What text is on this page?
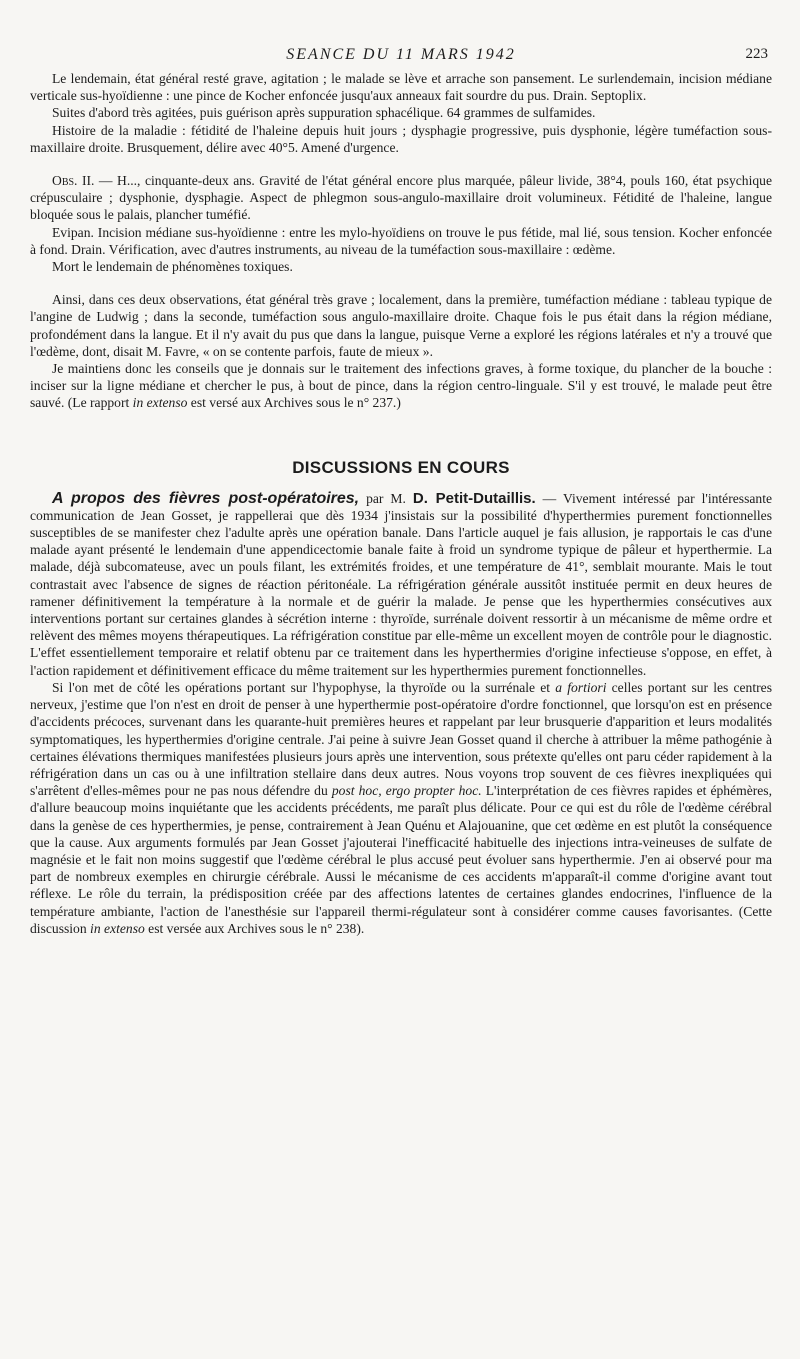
SEANCE DU 11 MARS 1942	223

Le lendemain, état général resté grave, agitation ; le malade se lève et arrache son pansement. Le surlendemain, incision médiane verticale sus-hyoïdienne : une pince de Kocher enfoncée jusqu'aux anneaux fait sourdre du pus. Drain. Septoplix.

Suites d'abord très agitées, puis guérison après suppuration sphacélique. 64 grammes de sulfamides.

Histoire de la maladie : fétidité de l'haleine depuis huit jours ; dysphagie progressive, puis dysphonie, légère tuméfaction sous-maxillaire droite. Brusquement, délire avec 40°5. Amené d'urgence.

Obs. II. — H..., cinquante-deux ans. Gravité de l'état général encore plus marquée, pâleur livide, 38°4, pouls 160, état psychique crépusculaire ; dysphonie, dysphagie. Aspect de phlegmon sous-angulo-maxillaire droit volumineux. Fétidité de l'haleine, langue bloquée sous le palais, plancher tuméfié.

Evipan. Incision médiane sus-hyoïdienne : entre les mylo-hyoïdiens on trouve le pus fétide, mal lié, sous tension. Kocher enfoncée à fond. Drain. Vérification, avec d'autres instruments, au niveau de la tuméfaction sous-maxillaire : œdème.

Mort le lendemain de phénomènes toxiques.

Ainsi, dans ces deux observations, état général très grave ; localement, dans la première, tuméfaction médiane : tableau typique de l'angine de Ludwig ; dans la seconde, tuméfaction sous angulo-maxillaire droite. Chaque fois le pus était dans la région médiane, profondément dans la langue. Et il n'y avait du pus que dans la langue, puisque Verne a exploré les régions latérales et n'y a trouvé que l'œdème, dont, disait M. Favre, « on se contente parfois, faute de mieux ».

Je maintiens donc les conseils que je donnais sur le traitement des infections graves, à forme toxique, du plancher de la bouche : inciser sur la ligne médiane et chercher le pus, à bout de pince, dans la région centro-linguale. S'il y est trouvé, le malade peut être sauvé. (Le rapport in extenso est versé aux Archives sous le n° 237.)

DISCUSSIONS EN COURS

A propos des fièvres post-opératoires, par M. D. Petit-Dutaillis. — Vivement intéressé par l'intéressante communication de Jean Gosset, je rappellerai que dès 1934 j'insistais sur la possibilité d'hyperthermies purement fonctionnelles susceptibles de se manifester chez l'adulte après une opération banale. Dans l'article auquel je fais allusion, je rapportais le cas d'une malade ayant présenté le lendemain d'une appendicectomie banale faite à froid un syndrome typique de pâleur et hyperthermie. La malade, déjà subcomateuse, avec un pouls filant, les extrémités froides, et une température de 41°, semblait mourante. Mais le tout contrastait avec l'absence de signes de réaction péritonéale. La réfrigération générale aussitôt instituée permit en deux heures de ramener définitivement la température à la normale et de guérir la malade. Je pense que les hyperthermies consécutives aux interventions portant sur certaines glandes à sécrétion interne : thyroïde, surrénale doivent ressortir à un mécanisme de même ordre et relèvent des mêmes moyens thérapeutiques. La réfrigération constitue par elle-même un excellent moyen de contrôle pour le diagnostic. L'effet essentiellement temporaire et relatif obtenu par ce traitement dans les hyperthermies d'origine infectieuse s'oppose, en effet, à l'action rapidement et définitivement efficace du même traitement sur les hyperthermies purement fonctionnelles.

Si l'on met de côté les opérations portant sur l'hypophyse, la thyroïde ou la surrénale et a fortiori celles portant sur les centres nerveux, j'estime que l'on n'est en droit de penser à une hyperthermie post-opératoire d'ordre fonctionnel, que lorsqu'on est en présence d'accidents précoces, survenant dans les quarante-huit premières heures et rappelant par leur brusquerie d'apparition et leurs modalités symptomatiques, les hyperthermies d'origine centrale. J'ai peine à suivre Jean Gosset quand il cherche à attribuer la même pathogénie à certaines élévations thermiques manifestées plusieurs jours après une intervention, sous prétexte qu'elles ont paru céder rapidement à la réfrigération dans un cas ou à une infiltration stellaire dans deux autres. Nous voyons trop souvent de ces fièvres inexpliquées qui s'arrêtent d'elles-mêmes pour ne pas nous défendre du post hoc, ergo propter hoc. L'interprétation de ces fièvres rapides et éphémères, d'allure beaucoup moins inquiétante que les accidents précédents, me paraît plus délicate. Pour ce qui est du rôle de l'œdème cérébral dans la genèse de ces hyperthermies, je pense, contrairement à Jean Quénu et Alajouanine, que cet œdème en est plutôt la conséquence que la cause. Aux arguments formulés par Jean Gosset j'ajouterai l'inefficacité habituelle des injections intra-veineuses de sulfate de magnésie et le fait non moins suggestif que l'œdème cérébral le plus accusé peut évoluer sans hyperthermie. J'en ai observé pour ma part de nombreux exemples en chirurgie cérébrale. Aussi le mécanisme de ces accidents m'apparaît-il comme d'origine avant tout réflexe. Le rôle du terrain, la prédisposition créée par des affections latentes de certaines glandes endocrines, l'influence de la température ambiante, l'action de l'anesthésie sur l'appareil thermi-régulateur sont à considérer comme causes favorisantes. (Cette discussion in extenso est versée aux Archives sous le n° 238).
